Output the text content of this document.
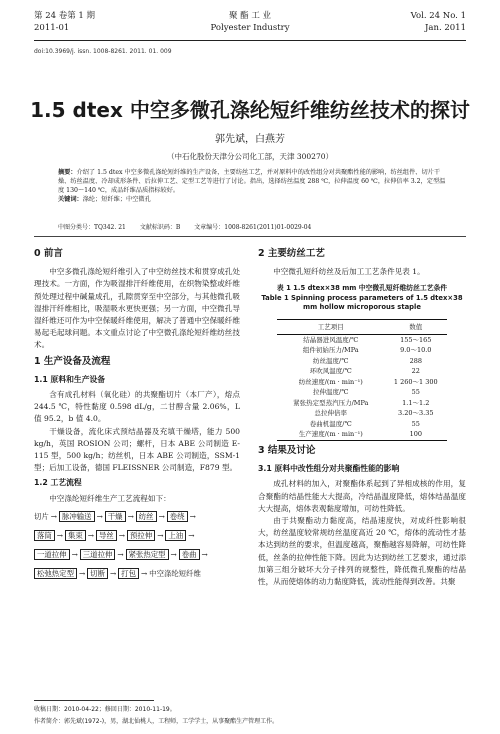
第 24 卷第 1 期
2011-01
聚 酯 工 业
Polyester Industry
Vol. 24 No. 1
Jan. 2011
doi:10.3969/j. issn. 1008-8261. 2011. 01. 009
1.5 dtex 中空多微孔涤纶短纤维纺丝技术的探讨
郭先斌，白燕芳
（中石化股份天津分公司化工部，天津 300270）
摘要：介绍了 1.5 dtex 中空多微孔涤纶短纤维的生产设备，主要纺丝工艺，并对原料中的改性组分对共聚酯性能的影响，纺丝组件、切片干燥、纺丝温度、冷却成形条件、后拉伸工艺、定型工艺等进行了讨论。指出，选择纺丝温度 288 ℃，拉伸温度 60 ℃，拉伸倍率 3.2，定型温度 130～140 ℃，成品纤维品质指标较好。
关键词：涤纶；短纤维；中空微孔
中图分类号：TQ342. 21 文献标识码：B 文章编号：1008-8261(2011)01-0029-04
0 前言

中空多微孔涤纶短纤维引入了中空纺丝技术和贯穿成孔处理技术。一方面，作为吸湿排汗纤维使用，在织物染整或纤维预处理过程中碱量成孔，孔隙贯穿至中空部分，与其他微孔吸湿排汗纤维相比，吸湿吸水更快更强；另一方面，中空微孔导湿纤维还可作为中空保暖纤维使用，解决了普通中空保暖纤维易起毛起球问题。本文重点讨论了中空微孔涤纶短纤维纺丝技术。

1 生产设备及流程
1.1 原料和生产设备

含有成孔材料（氧化硅）的共聚酯切片（本厂产），熔点 244.5 ℃，特性黏度 0.598 dL/g，二甘醇含量 2.06%，L 值 95.2，b 值 4.0。

干燥设备，流化床式预结晶器及充填干燥塔，能力 500 kg/h，英国 ROSION 公司；螺杆，日本 ABE 公司制造 E-115 型，500 kg/h；纺丝机，日本 ABE 公司制造，SSM-1 型；后加工设备，德国 FLEISSNER 公司制造，F879 型。

1.2 工艺流程

中空涤纶短纤维生产工艺流程如下：

切片 → 脉冲输送 → 干燥 → 纺丝 → 卷绕 →
落筒 → 集束 → 导丝 → 预拉伸 → 上油 →
一道拉伸 → 三道拉伸 → 紧张热定型 → 卷曲 →
松弛热定型 → 切断 → 打包 → 中空涤纶短纤维
2 主要纺丝工艺

中空微孔短纤纺丝及后加工工艺条件见表 1。

表 1 1.5 dtex×38 mm 中空微孔短纤维纺丝工艺条件
Table 1 Spinning process parameters of 1.5 dtex×38 mm hollow microporous staple
工艺项目	数值
结晶器进风温度/℃	155～165
组件初始压力/MPa	9.0～10.0
纺丝温度/℃	288
环吹风温度/℃	22
纺丝速度/(m · min⁻¹)	1 260～1 300
拉伸温度/℃	55
紧张热定型蒸汽压力/MPa	1.1～1.2
总拉伸倍率	3.20～3.35
卷曲机温度/℃	55
生产速度/(m · min⁻¹)	100
3 结果及讨论
3.1 原料中改性组分对共聚酯性能的影响

成孔材料的加入，对聚酯体系起到了异相成核的作用，复合聚酯的结晶性能大大提高，冷结晶温度降低，熔体结晶温度大大提高，熔体表观黏度增加，可纺性降低。

由于共聚酯动力黏度高，结晶速度快，对成纤性影响很大，纺丝温度较常规纺丝温度高近 20 ℃，熔体的流动性才基本达到纺丝的要求，但温度越高，聚酯越容易降解，可纺性降低，丝条的拉伸性能下降。因此为达到纺丝工艺要求，通过添加第三组分破坏大分子排列的规整性，降低微孔聚酯的结晶性，从而使熔体的动力黏度降低，流动性能得到改善。共聚

收稿日期：2010-04-22；修回日期：2010-11-19。
作者简介：郭先斌(1972-)，男，湖北仙桃人，工程师，工学学士，从事聚酯生产管理工作。
